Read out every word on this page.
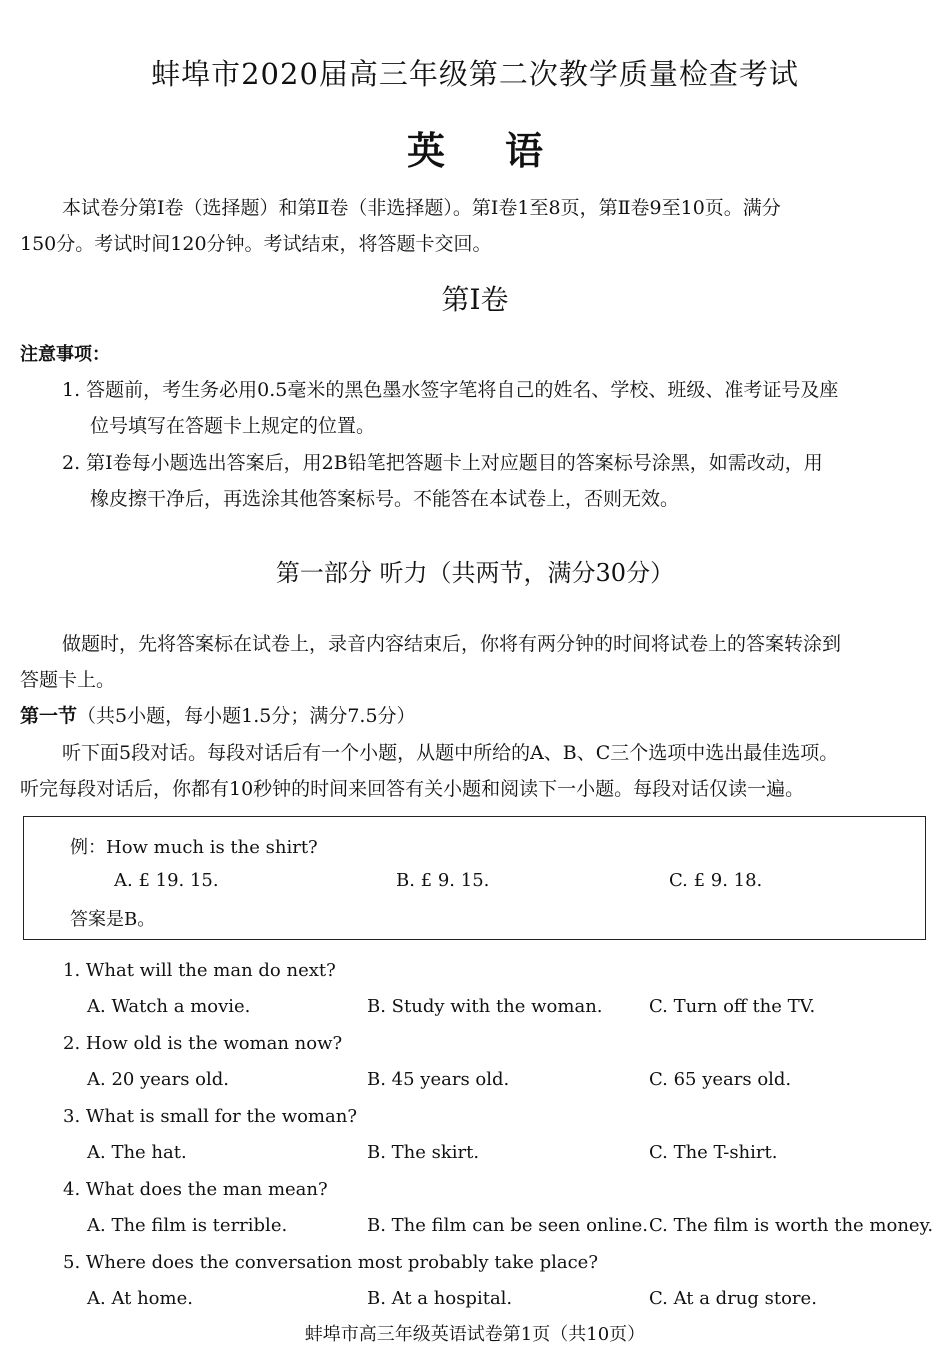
蚌埠市2020届高三年级第二次教学质量检查考试
英语
本试卷分第Ⅰ卷（选择题）和第Ⅱ卷（非选择题）。第Ⅰ卷1至8页，第Ⅱ卷9至10页。满分
150分。考试时间120分钟。考试结束，将答题卡交回。
第Ⅰ卷
注意事项：
1. 答题前，考生务必用0.5毫米的黑色墨水签字笔将自己的姓名、学校、班级、准考证号及座
位号填写在答题卡上规定的位置。
2. 第Ⅰ卷每小题选出答案后，用2B铅笔把答题卡上对应题目的答案标号涂黑，如需改动，用
橡皮擦干净后，再选涂其他答案标号。不能答在本试卷上，否则无效。
第一部分 听力（共两节，满分30分）
做题时，先将答案标在试卷上，录音内容结束后，你将有两分钟的时间将试卷上的答案转涂到
答题卡上。
第一节（共5小题，每小题1.5分；满分7.5分）
听下面5段对话。每段对话后有一个小题，从题中所给的A、B、C三个选项中选出最佳选项。
听完每段对话后，你都有10秒钟的时间来回答有关小题和阅读下一小题。每段对话仅读一遍。
例：How much is the shirt?
A. £ 19. 15.	B. £ 9. 15.	C. £ 9. 18.
答案是B。
1. What will the man do next?
A. Watch a movie.	B. Study with the woman.	C. Turn off the TV.
2. How old is the woman now?
A. 20 years old.	B. 45 years old.	C. 65 years old.
3. What is small for the woman?
A. The hat.	B. The skirt.	C. The T-shirt.
4. What does the man mean?
A. The film is terrible.	B. The film can be seen online. C. The film is worth the money.
5. Where does the conversation most probably take place?
A. At home.	B. At a hospital.	C. At a drug store.
蚌埠市高三年级英语试卷第1页（共10页）
